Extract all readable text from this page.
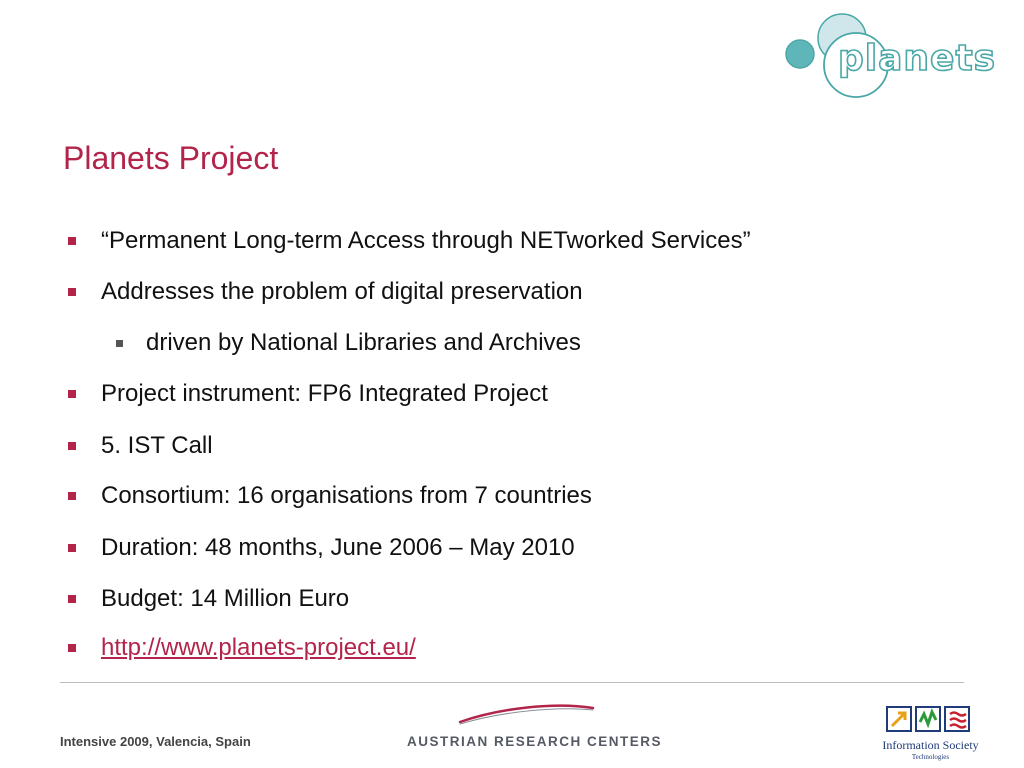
planets
Planets Project
“Permanent Long-term Access through NETworked Services”
Addresses the problem of digital preservation
driven by National Libraries and Archives
Project instrument: FP6 Integrated Project
5. IST Call
Consortium: 16 organisations from 7 countries
Duration: 48 months, June 2006 – May 2010
Budget: 14 Million Euro
http://www.planets-project.eu/
Intensive 2009, Valencia, Spain	AUSTRIAN RESEARCH CENTERS	Information Society
Technologies
